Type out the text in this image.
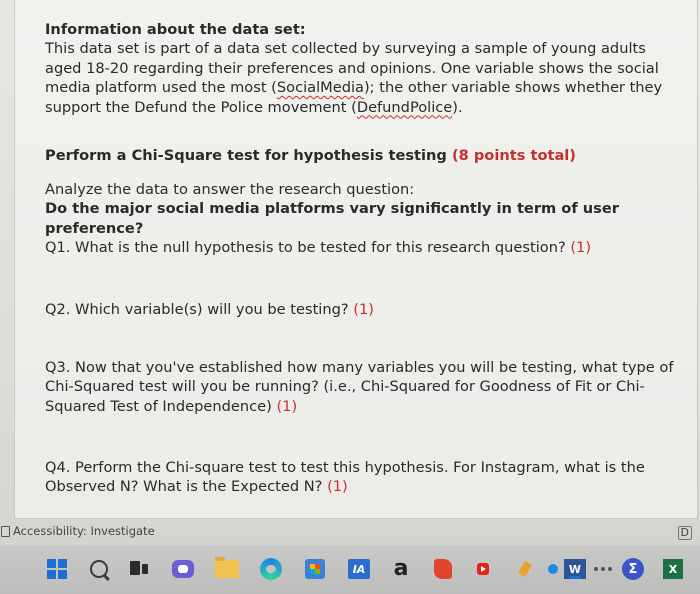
Information about the data set:

This data set is part of a data set collected by surveying a sample of young adults aged 18-20 regarding their preferences and opinions. One variable shows the social media platform used the most (SocialMedia); the other variable shows whether they support the Defund the Police movement (DefundPolice).

Perform a Chi-Square test for hypothesis testing (8 points total)

Analyze the data to answer the research question:

Do the major social media platforms vary significantly in term of user preference?

Q1. What is the null hypothesis to be tested for this research question? (1)

Q2. Which variable(s) will you be testing? (1)

Q3. Now that you've established how many variables you will be testing, what type of Chi-Squared test will you be running? (i.e., Chi-Squared for Goodness of Fit or Chi-Squared Test of Independence) (1)

Q4. Perform the Chi-square test to test this hypothesis. For Instagram, what is the Observed N? What is the Expected N? (1)

Accessibility: Investigate	D
IA a	W	Σ	X
